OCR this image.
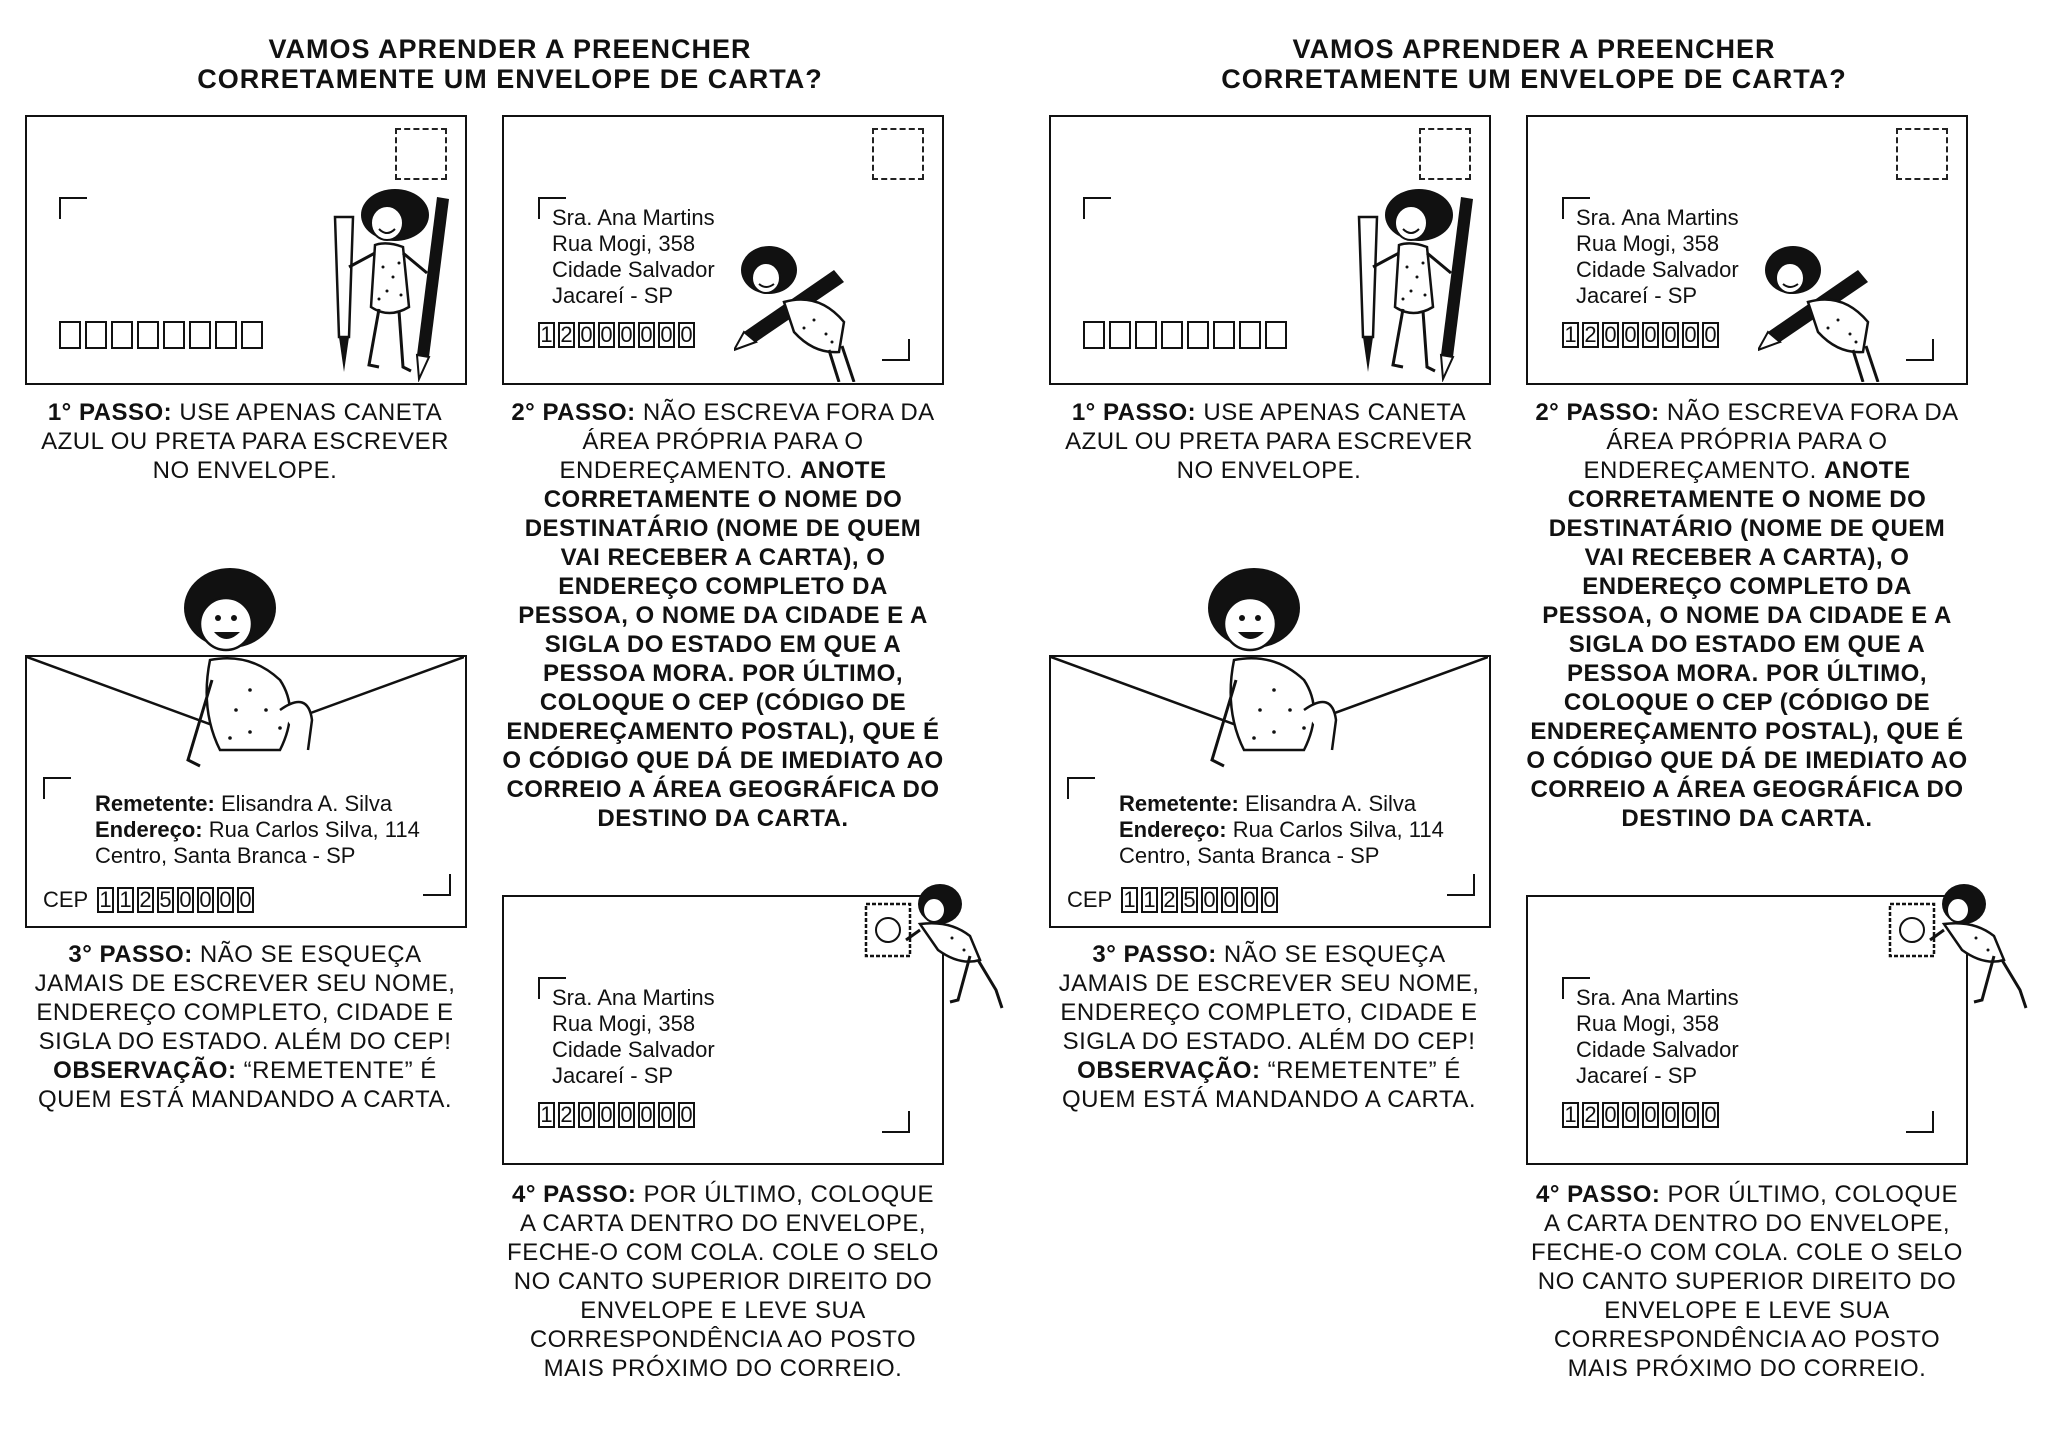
VAMOS APRENDER A PREENCHER
CORRETAMENTE UM ENVELOPE DE CARTA?
Sra. Ana Martins
Rua Mogi, 358
Cidade Salvador
Jacareí - SP
1 2 0 0 0 0 0 0
Remetente: Elisandra A. Silva
Endereço: Rua Carlos Silva, 114
Centro, Santa Branca - SP
CEP 1 1 2 5 0 0 0 0
Sra. Ana Martins
Rua Mogi, 358
Cidade Salvador
Jacareí - SP
1 2 0 0 0 0 0 0
1° PASSO: USE APENAS CANETA AZUL OU PRETA PARA ESCREVER NO ENVELOPE.
2° PASSO: NÃO ESCREVA FORA DA ÁREA PRÓPRIA PARA O ENDEREÇAMENTO. ANOTE CORRETAMENTE O NOME DO DESTINATÁRIO (NOME DE QUEM VAI RECEBER A CARTA), O ENDEREÇO COMPLETO DA PESSOA, O NOME DA CIDADE E A SIGLA DO ESTADO EM QUE A PESSOA MORA. POR ÚLTIMO, COLOQUE O CEP (CÓDIGO DE ENDEREÇAMENTO POSTAL), QUE É O CÓDIGO QUE DÁ DE IMEDIATO AO CORREIO A ÁREA GEOGRÁFICA DO DESTINO DA CARTA.
3° PASSO: NÃO SE ESQUEÇA JAMAIS DE ESCREVER SEU NOME, ENDEREÇO COMPLETO, CIDADE E SIGLA DO ESTADO. ALÉM DO CEP!
OBSERVAÇÃO: “REMETENTE” É QUEM ESTÁ MANDANDO A CARTA.
4° PASSO: POR ÚLTIMO, COLOQUE A CARTA DENTRO DO ENVELOPE, FECHE-O COM COLA. COLE O SELO NO CANTO SUPERIOR DIREITO DO ENVELOPE E LEVE SUA CORRESPONDÊNCIA AO POSTO MAIS PRÓXIMO DO CORREIO.
VAMOS APRENDER A PREENCHER
CORRETAMENTE UM ENVELOPE DE CARTA?
Sra. Ana Martins
Rua Mogi, 358
Cidade Salvador
Jacareí - SP
1 2 0 0 0 0 0 0
Remetente: Elisandra A. Silva
Endereço: Rua Carlos Silva, 114
Centro, Santa Branca - SP
CEP 1 1 2 5 0 0 0 0
Sra. Ana Martins
Rua Mogi, 358
Cidade Salvador
Jacareí - SP
1 2 0 0 0 0 0 0
1° PASSO: USE APENAS CANETA AZUL OU PRETA PARA ESCREVER NO ENVELOPE.
2° PASSO: NÃO ESCREVA FORA DA ÁREA PRÓPRIA PARA O ENDEREÇAMENTO. ANOTE CORRETAMENTE O NOME DO DESTINATÁRIO (NOME DE QUEM VAI RECEBER A CARTA), O ENDEREÇO COMPLETO DA PESSOA, O NOME DA CIDADE E A SIGLA DO ESTADO EM QUE A PESSOA MORA. POR ÚLTIMO, COLOQUE O CEP (CÓDIGO DE ENDEREÇAMENTO POSTAL), QUE É O CÓDIGO QUE DÁ DE IMEDIATO AO CORREIO A ÁREA GEOGRÁFICA DO DESTINO DA CARTA.
3° PASSO: NÃO SE ESQUEÇA JAMAIS DE ESCREVER SEU NOME, ENDEREÇO COMPLETO, CIDADE E SIGLA DO ESTADO. ALÉM DO CEP!
OBSERVAÇÃO: “REMETENTE” É QUEM ESTÁ MANDANDO A CARTA.
4° PASSO: POR ÚLTIMO, COLOQUE A CARTA DENTRO DO ENVELOPE, FECHE-O COM COLA. COLE O SELO NO CANTO SUPERIOR DIREITO DO ENVELOPE E LEVE SUA CORRESPONDÊNCIA AO POSTO MAIS PRÓXIMO DO CORREIO.
